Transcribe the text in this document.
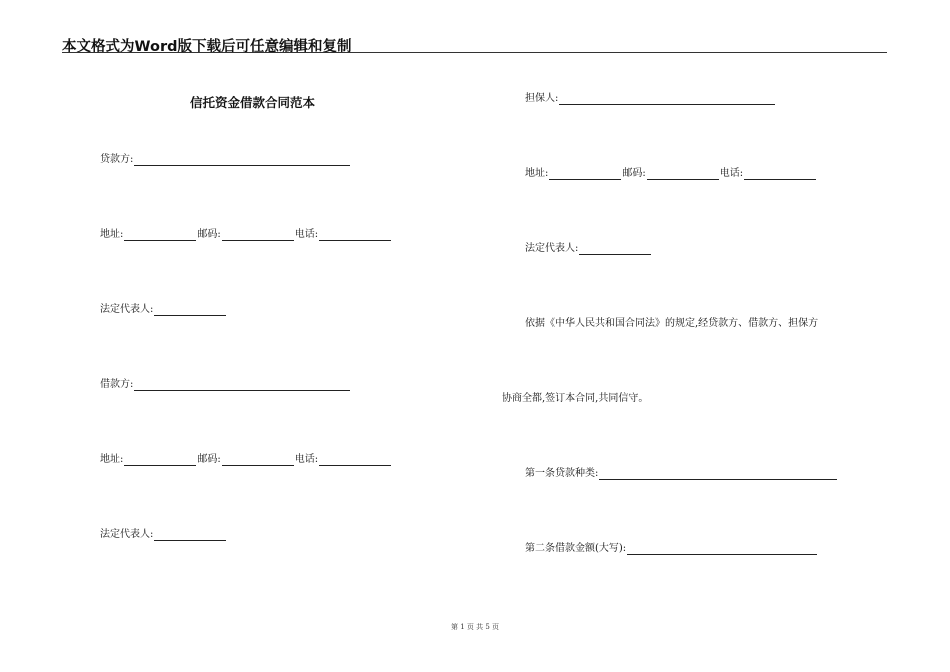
本文格式为Word版下载后可任意编辑和复制
信托资金借款合同范本
贷款方:
地址:	邮码:	电话:
法定代表人:
借款方:
地址:	邮码:	电话:
法定代表人:
担保人:
地址:	邮码:	电话:
法定代表人:
依据《中华人民共和国合同法》的规定,经贷款方、借款方、担保方
协商全都,签订本合同,共同信守。
第一条贷款种类:
第二条借款金额(大写):
第 1 页 共 5 页
